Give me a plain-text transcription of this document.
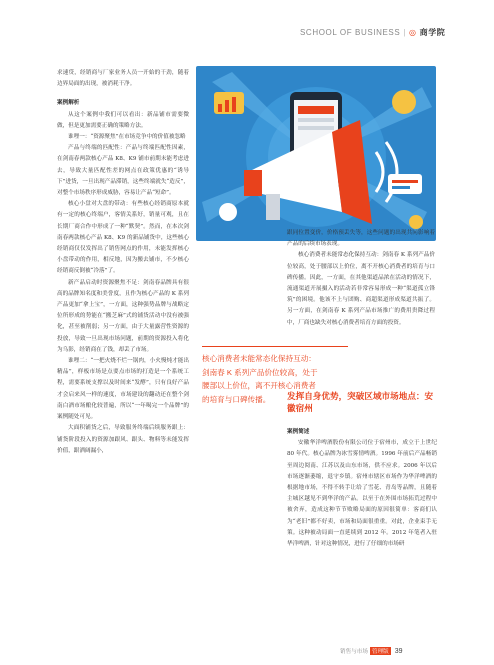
SCHOOL OF BUSINESS | ◎ 商学院

求速贷，经销商与厂家业务人员一开始的干劲，随着边界局面的出现，被消耗干净。

案例解析

从这个案例中我们可以看出：新品铺市需要微做，但是更加需要正确的策略方法。

谁哩一：“资源聚焦”在市场竞争中的价值被忽略

产品与终端的匹配性：产品与终端匹配性因素，在剑南春两款核心产品 K8、K9 铺市前期未能考虑进去，导致大量匹配性差的网点在政策优惠的“诱导下”进货，一旦出现产品滞销，这些终端就失“造反”，对整个市场秩序形成威胁，容易让产品“短命”。

核心小盘对大盘的带动：有些核心经销商原本就有一定的核心终端户，客情关系好，销量可观，且在长期厂商合作中形成了一种“默契”。然而，在本次剑南春两款核心产品 K8、K9 的新品铺货中，这些核心经销商仅仅发挥出了销售网点的作用，未能发挥核心小盘带动的作用，相反地，因为搬去铺市，不少核心经销商反倒被“冷落”了。

新产品启动时资源聚焦不足：剑南春品牌具有很高的品牌知名度和美誉度，且作为核心产品的 K 系列产品更加“拿上宝”，一方面，这种强势品牌与战略定位所形成的势能在“搬芝麻”式的铺货活动中没有被强化，甚至被削弱；另一方面，由于大量露营性资源的投放，导致一旦出现市场问题，前期的资源投入将化为乌影，经销商在了钱，却丢了市场。

谁哩二：“一把火烧不烂一锅肉，小火慢炖才能出精品”，样板市场是点要点市场的打造是一个系统工程，需要系统支撑以及时间来“发酵”，只有良好产品才会启来风一样的速度，市场建设的翻动还在整个剑南白酒市场酿化较普遍，所以“一年喝完一个品牌”的案例随处可见。

大面积铺货之后，导致服务终端后续服务跟上：铺货阶段投入的资源加跟风、跟头、物料等未能发挥价值，跟洒阔漏小，

核心消费者未能常态化保持互动：剑南春 K 系列产品价位较高，处于腰部以上价位，离不开核心消费者的培育与口碑传播。

跟同位置变价，价格预丢失等，这些问题的出现共同影响着产品的后续市场表现。

核心消费者未能常态化保持互动：剑南春 K 系列产品价位较高，处于腰部以上价位，离不开核心消费者的培育与口碑传播。因此，一方面，在其他渠道品浓在活动的情况下，流通渠道开展摄入的活动若非常容易形成一种“渠道孤立锋筑”的困境。他该不上与团购、商超渠道形成渠道共振了。另一方面，在剑南春 K 系列产品市场推广的费用贵降过程中，厂商也缺失对核心消费者培育方面的投资。

发挥自身优势，突破区域市场地点：安徽宿州

案例简述

安徽华洋啤酒股份有限公司位于宿州市，成立于上世纪 80 年代。核心品牌为冰雪雾情啤酒。1996 年前后产品畅销至周边阅南、江苏以及山东市场，供不应求。2006 年以后市场逐渐萎缩，退守乡镇。宿州市辖区市场作为华洋啤酒的根据地市场，不得不转手让给了雪花、青岛等品牌，且随着主城区越见不到华洋的产品。以至于在外围市场拓荒过程中被舍弃，造成这种节节败略局面的原因很简单：客商们认为“老旧”都不好卖，市场和局面很重重。对此，企业束手无策。这种被动局面一直延续到 2012 年。2012 年笔者入驻华洋啤酒，针对这种情况，进行了仔细的市场研

销售与市场 管理版 39
